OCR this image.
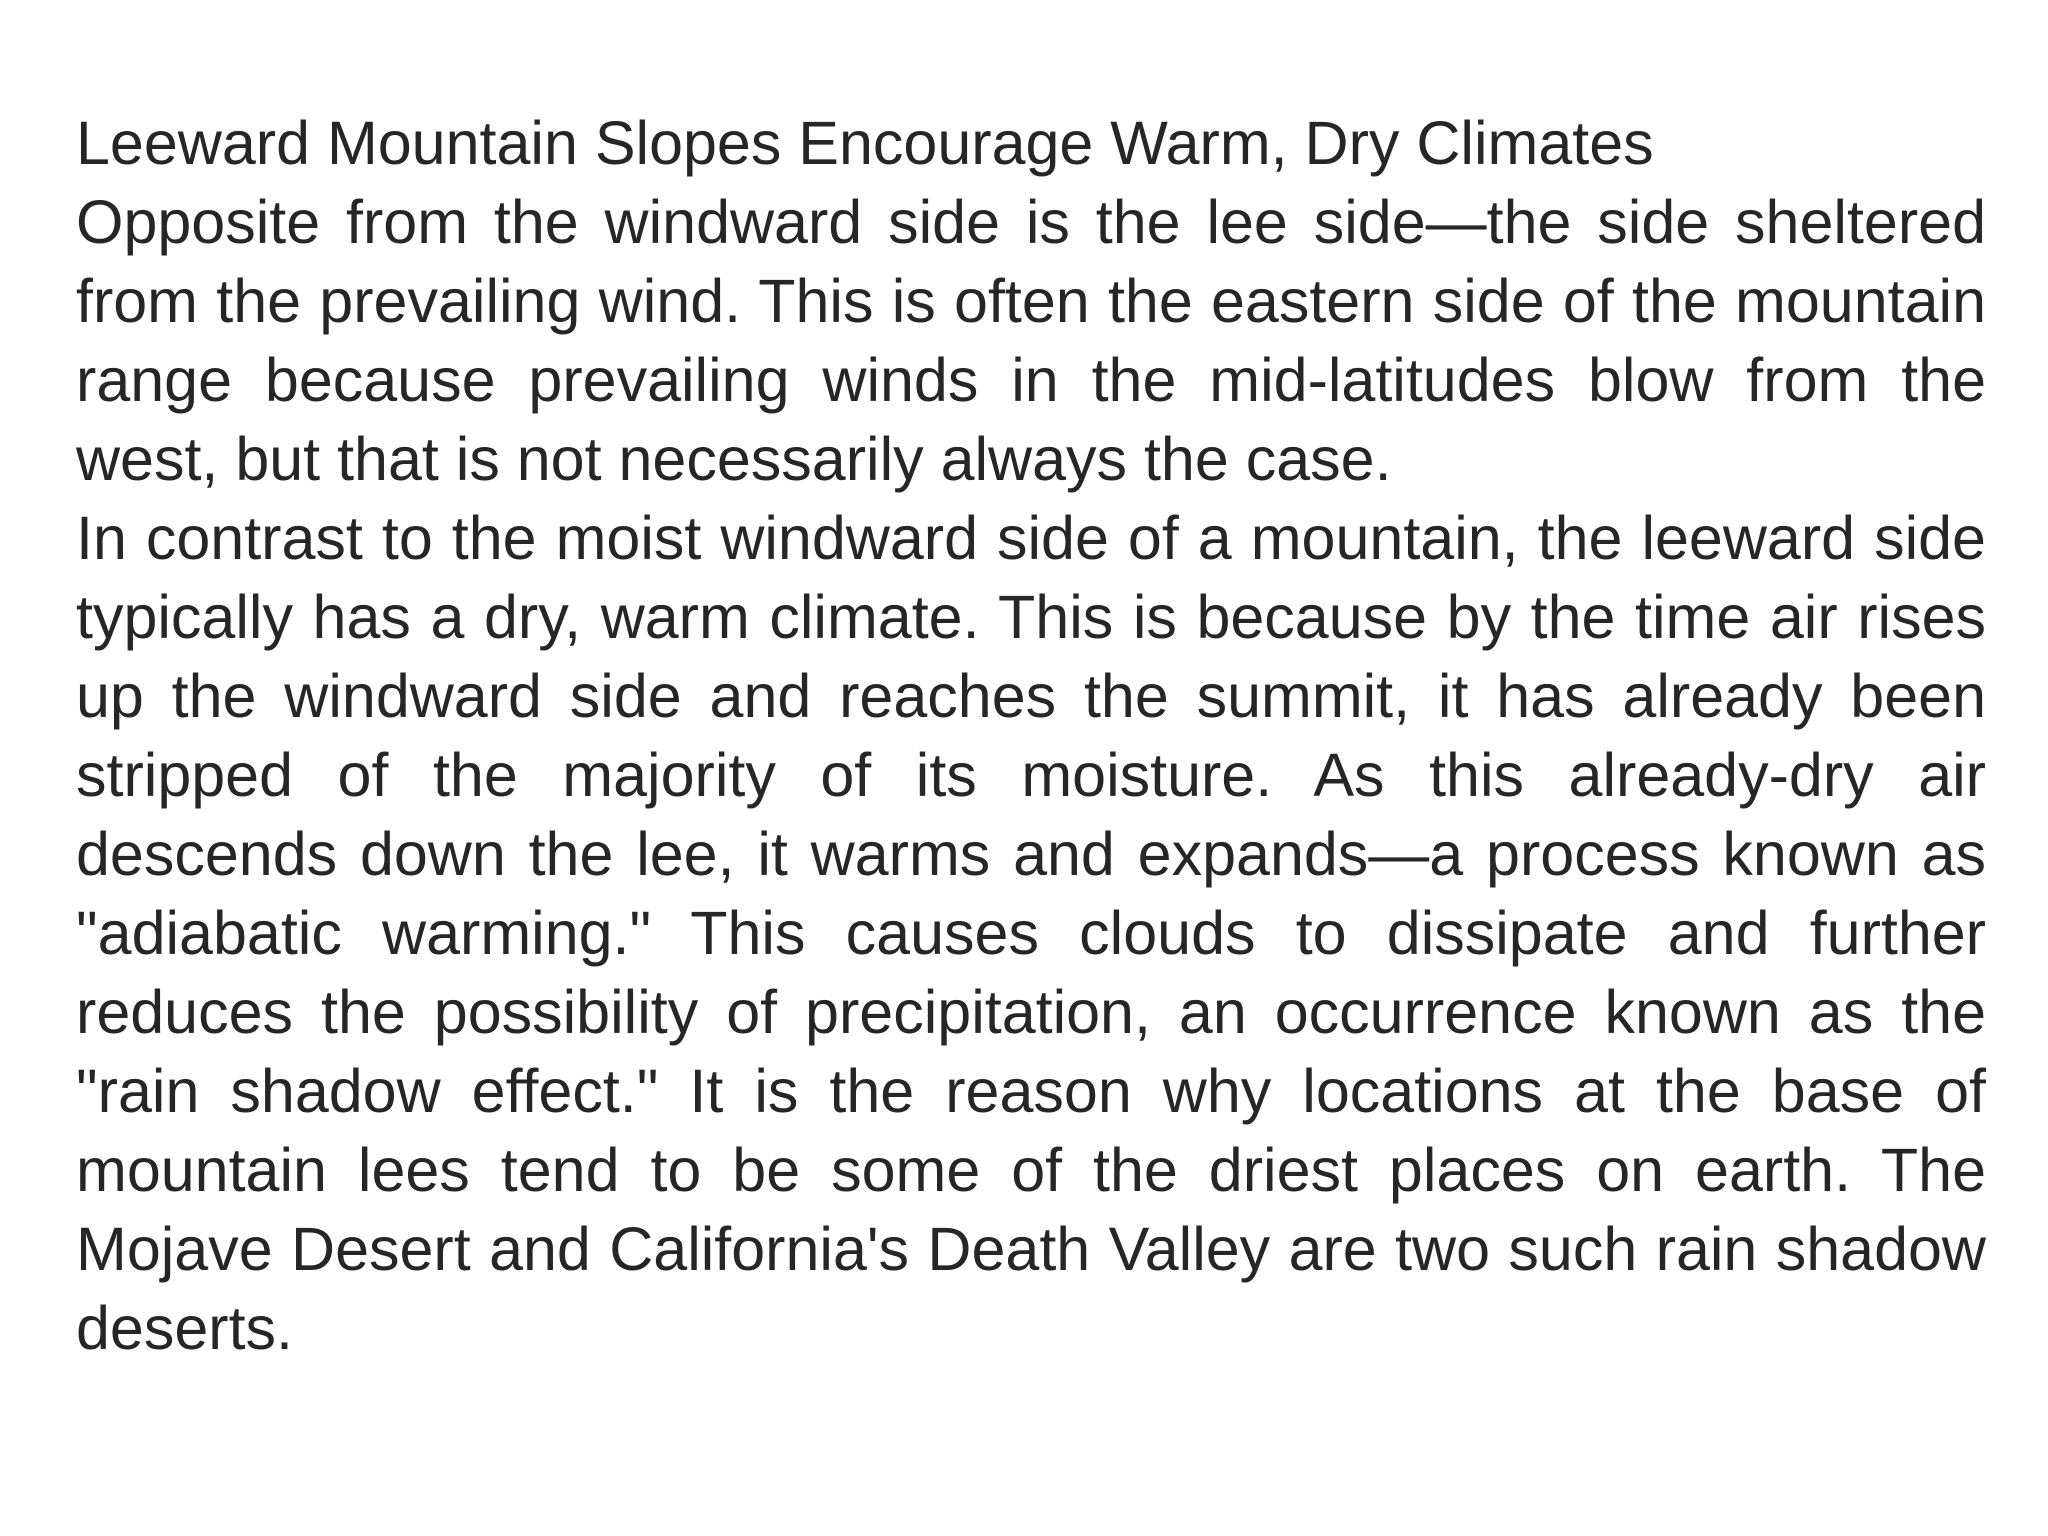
Leeward Mountain Slopes Encourage Warm, Dry Climates

Opposite from the windward side is the lee side—the side sheltered from the prevailing wind. This is often the eastern side of the mountain range because prevailing winds in the mid-latitudes blow from the west, but that is not necessarily always the case.

In contrast to the moist windward side of a mountain, the leeward side typically has a dry, warm climate. This is because by the time air rises up the windward side and reaches the summit, it has already been stripped of the majority of its moisture. As this already-dry air descends down the lee, it warms and expands—a process known as "adiabatic warming." This causes clouds to dissipate and further reduces the possibility of precipitation, an occurrence known as the "rain shadow effect." It is the reason why locations at the base of mountain lees tend to be some of the driest places on earth. The Mojave Desert and California's Death Valley are two such rain shadow deserts.
